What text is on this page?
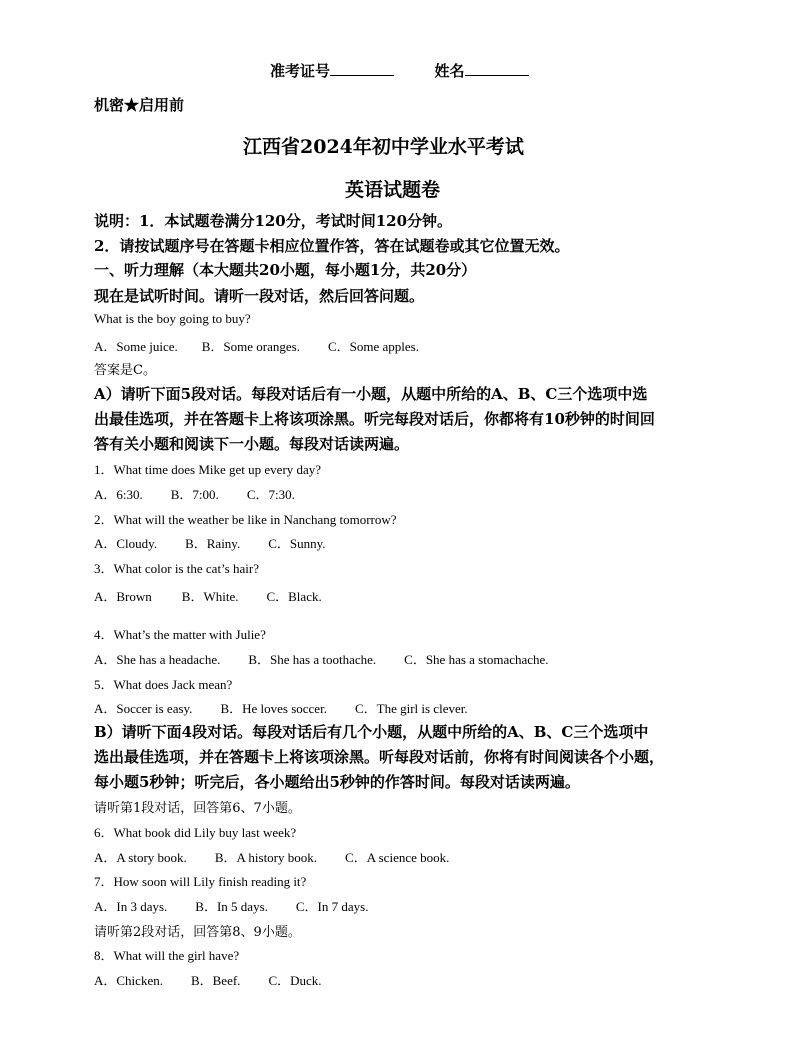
准考证号	姓名
机密★启用前
江西省2024年初中学业水平考试
英语试题卷
说明：1．本试题卷满分120分，考试时间120分钟。
2．请按试题序号在答题卡相应位置作答，答在试题卷或其它位置无效。
一、听力理解（本大题共20小题，每小题1分，共20分）
现在是试听时间。请听一段对话，然后回答问题。
What is the boy going to buy?
A．Some juice. B．Some oranges. C．Some apples.
答案是C。
A）请听下面5段对话。每段对话后有一小题，从题中所给的A、B、C三个选项中选
出最佳选项，并在答题卡上将该项涂黑。听完每段对话后，你都将有10秒钟的时间回
答有关小题和阅读下一小题。每段对话读两遍。
1．What time does Mike get up every day?
A．6:30. B．7:00. C．7:30.
2．What will the weather be like in Nanchang tomorrow?
A．Cloudy. B．Rainy. C．Sunny.
3．What color is the cat’s hair?
A．Brown B．White. C．Black.
4．What’s the matter with Julie?
A．She has a headache. B．She has a toothache. C．She has a stomachache.
5．What does Jack mean?
A．Soccer is easy. B．He loves soccer. C．The girl is clever.
B）请听下面4段对话。每段对话后有几个小题，从题中所给的A、B、C三个选项中
选出最佳选项，并在答题卡上将该项涂黑。听每段对话前，你将有时间阅读各个小题，
每小题5秒钟；听完后，各小题给出5秒钟的作答时间。每段对话读两遍。
请听第1段对话，回答第6、7小题。
6．What book did Lily buy last week?
A．A story book. B．A history book. C．A science book.
7．How soon will Lily finish reading it?
A．In 3 days. B．In 5 days. C．In 7 days.
请听第2段对话，回答第8、9小题。
8．What will the girl have?
A．Chicken. B．Beef. C．Duck.
